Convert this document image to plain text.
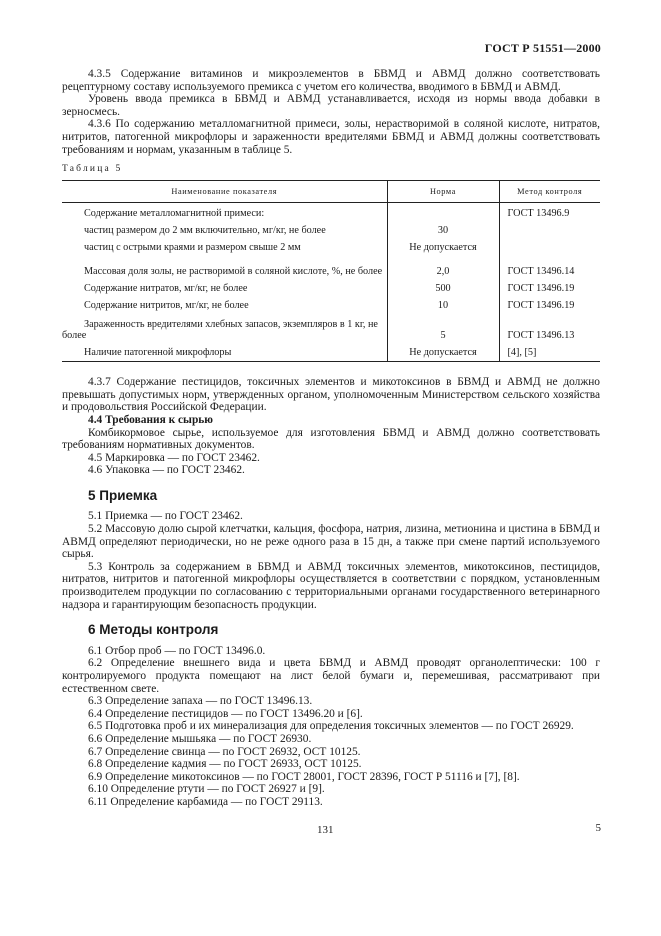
ГОСТ Р 51551—2000

4.3.5 Содержание витаминов и микроэлементов в БВМД и АВМД должно соответствовать рецептурному составу используемого премикса с учетом его количества, вводимого в БВМД и АВМД.

Уровень ввода премикса в БВМД и АВМД устанавливается, исходя из нормы ввода добавки в зерносмесь.

4.3.6 По содержанию металломагнитной примеси, золы, нерастворимой в соляной кислоте, нитратов, нитритов, патогенной микрофлоры и зараженности вредителями БВМД и АВМД должны соответствовать требованиям и нормам, указанным в таблице 5.

Таблица 5

Наименование показателя	Норма	Метод контроля
Содержание металломагнитной примеси:		ГОСТ 13496.9
частиц размером до 2 мм включительно, мг/кг, не более	30	
частиц с острыми краями и размером свыше 2 мм	Не допускается	
Массовая доля золы, не растворимой в соляной кислоте, %, не более	2,0	ГОСТ 13496.14
Содержание нитратов, мг/кг, не более	500	ГОСТ 13496.19
Содержание нитритов, мг/кг, не более	10	ГОСТ 13496.19
Зараженность вредителями хлебных запасов, экземпляров в 1 кг, не более	5	ГОСТ 13496.13
Наличие патогенной микрофлоры	Не допускается	[4], [5]

4.3.7 Содержание пестицидов, токсичных элементов и микотоксинов в БВМД и АВМД не должно превышать допустимых норм, утвержденных органом, уполномоченным Министерством сельского хозяйства и продовольствия Российской Федерации.

4.4 Требования к сырью

Комбикормовое сырье, используемое для изготовления БВМД и АВМД должно соответствовать требованиям нормативных документов.

4.5 Маркировка — по ГОСТ 23462.

4.6 Упаковка — по ГОСТ 23462.

5 Приемка

5.1 Приемка — по ГОСТ 23462.

5.2 Массовую долю сырой клетчатки, кальция, фосфора, натрия, лизина, метионина и цистина в БВМД и АВМД определяют периодически, но не реже одного раза в 15 дн, а также при смене партий используемого сырья.

5.3 Контроль за содержанием в БВМД и АВМД токсичных элементов, микотоксинов, пестицидов, нитратов, нитритов и патогенной микрофлоры осуществляется в соответствии с порядком, установленным производителем продукции по согласованию с территориальными органами государственного ветеринарного надзора и гарантирующим безопасность продукции.

6 Методы контроля

6.1 Отбор проб — по ГОСТ 13496.0.

6.2 Определение внешнего вида и цвета БВМД и АВМД проводят органолептически: 100 г контролируемого продукта помещают на лист белой бумаги и, перемешивая, рассматривают при естественном свете.

6.3 Определение запаха — по ГОСТ 13496.13.

6.4 Определение пестицидов — по ГОСТ 13496.20 и [6].

6.5 Подготовка проб и их минерализация для определения токсичных элементов — по ГОСТ 26929.

6.6 Определение мышьяка — по ГОСТ 26930.

6.7 Определение свинца — по ГОСТ 26932, ОСТ 10125.

6.8 Определение кадмия — по ГОСТ 26933, ОСТ 10125.

6.9 Определение микотоксинов — по ГОСТ 28001, ГОСТ 28396, ГОСТ Р 51116 и [7], [8].

6.10 Определение ртути — по ГОСТ 26927 и [9].

6.11 Определение карбамида — по ГОСТ 29113.

131	5
